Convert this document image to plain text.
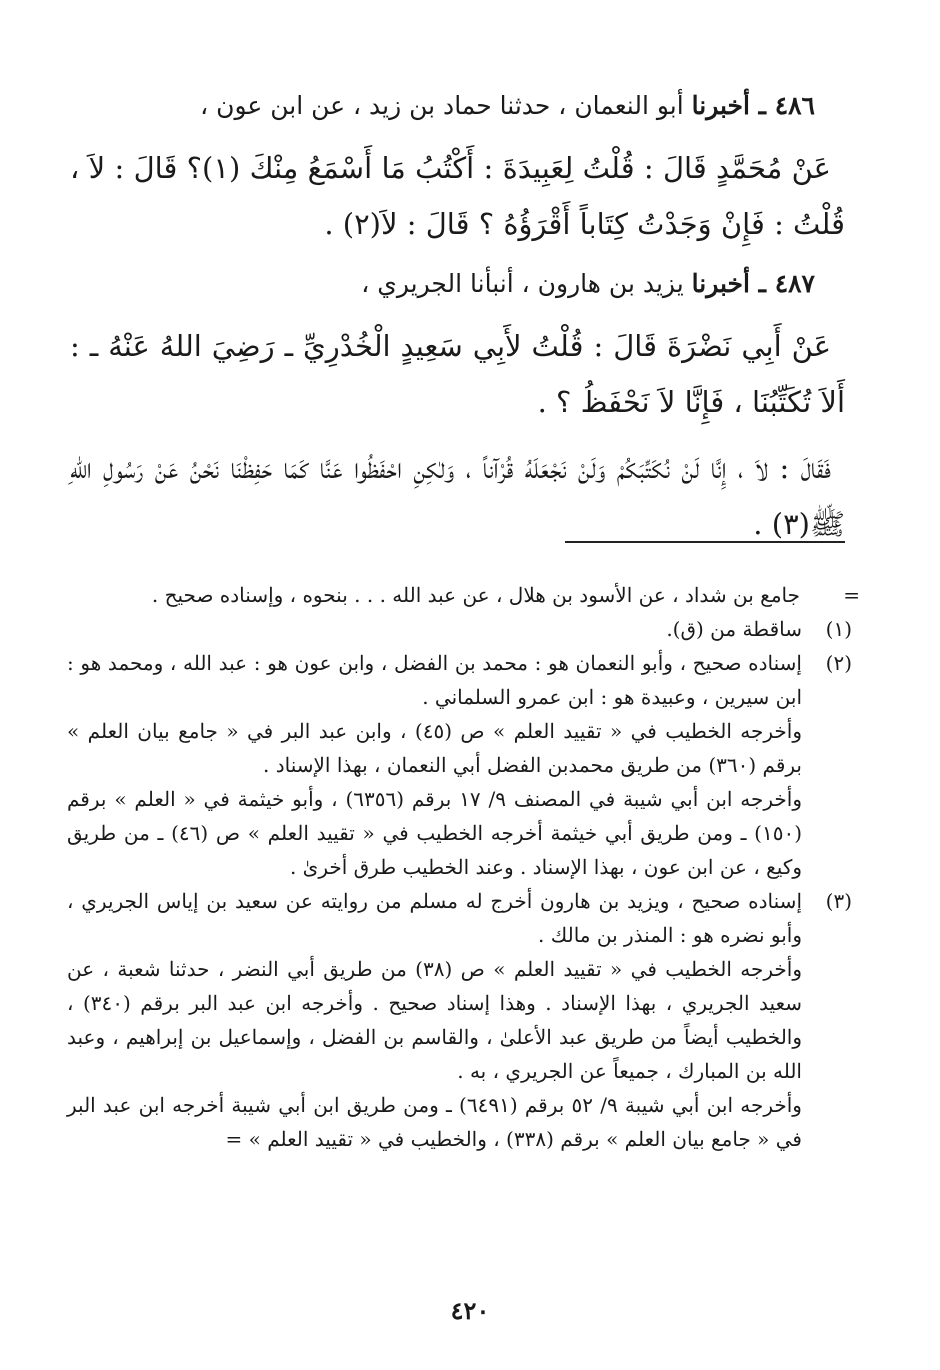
٤٨٦ ـ أخبرنا أبو النعمان ، حدثنا حماد بن زيد ، عن ابن عون ،

عَنْ مُحَمَّدٍ قَالَ : قُلْتُ لِعَبِيدَةَ : أَكْتُبُ مَا أَسْمَعُ مِنْكَ (١)؟ قَالَ : لاَ ، قُلْتُ : فَإِنْ وَجَدْتُ كِتَاباً أَقْرَؤُهُ ؟ قَالَ : لاَ(٢) .

٤٨٧ ـ أخبرنا يزيد بن هارون ، أنبأنا الجريري ،

عَنْ أَبِي نَضْرَةَ قَالَ : قُلْتُ لأَبِي سَعِيدٍ الْخُدْرِيِّ ـ رَضِيَ اللهُ عَنْهُ ـ : أَلاَ تُكَتِّبُنَا ، فَإِنَّا لاَ نَحْفَظُ ؟ .

فَقَالَ : لاَ ، إِنَّا لَنْ نُكَتِّبَكُمْ وَلَنْ نَجْعَلَهُ قُرْآناً ، وَلٰكِنِ احْفَظُوا عَنَّا كَمَا حَفِظْنَا نَحْنُ عَنْ رَسُولِ اللهِ ﷺ(٣) .

=

جامع بن شداد ، عن الأسود بن هلال ، عن عبد الله . . . بنحوه ، وإسناده صحيح .

(١)

ساقطة من (ق).

(٢)

إسناده صحيح ، وأبو النعمان هو : محمد بن الفضل ، وابن عون هو : عبد الله ، ومحمد هو : ابن سيرين ، وعبيدة هو : ابن عمرو السلماني .

وأخرجه الخطيب في « تقييد العلم » ص (٤٥) ، وابن عبد البر في « جامع بيان العلم » برقم (٣٦٠) من طريق محمدبن الفضل أبي النعمان ، بهذا الإسناد .

وأخرجه ابن أبي شيبة في المصنف ٩/ ١٧ برقم (٦٣٥٦) ، وأبو خيثمة في « العلم » برقم (١٥٠) ـ ومن طريق أبي خيثمة أخرجه الخطيب في « تقييد العلم » ص (٤٦) ـ من طريق وكيع ، عن ابن عون ، بهذا الإسناد . وعند الخطيب طرق أخرىٰ .

(٣)

إسناده صحيح ، ويزيد بن هارون أخرج له مسلم من روايته عن سعيد بن إياس الجريري ، وأبو نضره هو : المنذر بن مالك .

وأخرجه الخطيب في « تقييد العلم » ص (٣٨) من طريق أبي النضر ، حدثنا شعبة ، عن سعيد الجريري ، بهذا الإسناد . وهذا إسناد صحيح . وأخرجه ابن عبد البر برقم (٣٤٠) ، والخطيب أيضاً من طريق عبد الأعلىٰ ، والقاسم بن الفضل ، وإسماعيل بن إبراهيم ، وعبد الله بن المبارك ، جميعاً عن الجريري ، به .

وأخرجه ابن أبي شيبة ٩/ ٥٢ برقم (٦٤٩١) ـ ومن طريق ابن أبي شيبة أخرجه ابن عبد البر في « جامع بيان العلم » برقم (٣٣٨) ، والخطيب في « تقييد العلم » =

٤٢٠
